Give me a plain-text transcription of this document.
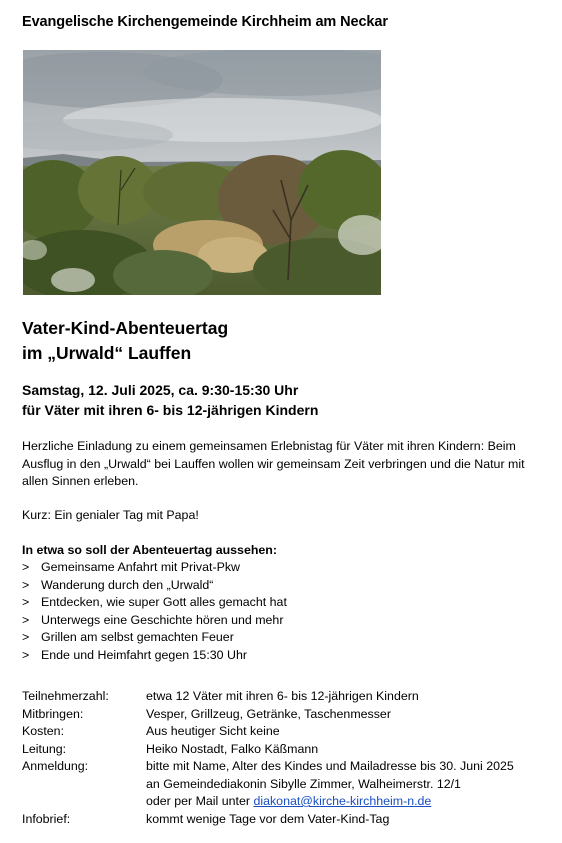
Evangelische Kirchengemeinde Kirchheim am Neckar
Vater-Kind-Abenteuertag
im „Urwald“ Lauffen
Samstag, 12. Juli 2025, ca. 9:30-15:30 Uhr
für Väter mit ihren 6- bis 12-jährigen Kindern
Herzliche Einladung zu einem gemeinsamen Erlebnistag für Väter mit ihren Kindern: Beim Ausflug in den „Urwald“ bei Lauffen wollen wir gemeinsam Zeit verbringen und die Natur mit allen Sinnen erleben.
Kurz: Ein genialer Tag mit Papa!
In etwa so soll der Abenteuertag aussehen:
> Gemeinsame Anfahrt mit Privat-Pkw
> Wanderung durch den „Urwald“
> Entdecken, wie super Gott alles gemacht hat
> Unterwegs eine Geschichte hören und mehr
> Grillen am selbst gemachten Feuer
> Ende und Heimfahrt gegen 15:30 Uhr
Teilnehmerzahl:	etwa 12 Väter mit ihren 6- bis 12-jährigen Kindern
Mitbringen:	Vesper, Grillzeug, Getränke, Taschenmesser
Kosten:	Aus heutiger Sicht keine
Leitung:	Heiko Nostadt, Falko Käßmann
Anmeldung:	bitte mit Name, Alter des Kindes und Mailadresse bis 30. Juni 2025
an Gemeindediakonin Sibylle Zimmer, Walheimerstr. 12/1
oder per Mail unter diakonat@kirche-kirchheim-n.de
Infobrief:	kommt wenige Tage vor dem Vater-Kind-Tag
